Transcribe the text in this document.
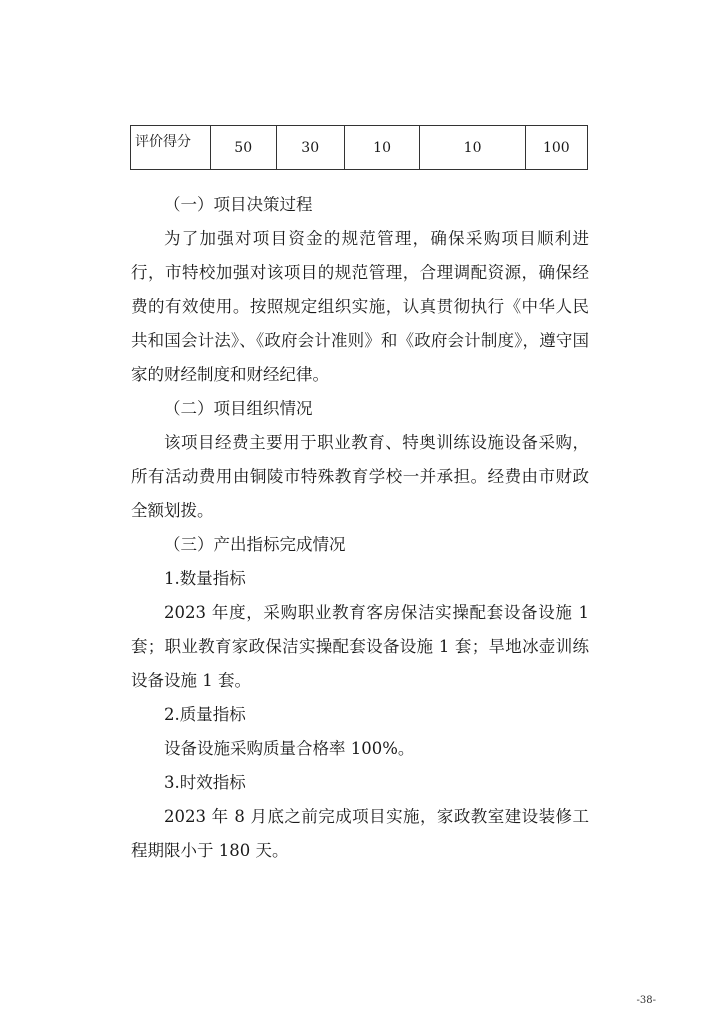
评价得分	50	30	10	10	100

（一）项目决策过程

为了加强对项目资金的规范管理，确保采购项目顺利进行，市特校加强对该项目的规范管理，合理调配资源，确保经费的有效使用。按照规定组织实施，认真贯彻执行《中华人民共和国会计法》、《政府会计准则》和《政府会计制度》，遵守国家的财经制度和财经纪律。

（二）项目组织情况

该项目经费主要用于职业教育、特奥训练设施设备采购，所有活动费用由铜陵市特殊教育学校一并承担。经费由市财政全额划拨。

（三）产出指标完成情况

1.数量指标

2023 年度，采购职业教育客房保洁实操配套设备设施 1 套；职业教育家政保洁实操配套设备设施 1 套；旱地冰壶训练设备设施 1 套。

2.质量指标

设备设施采购质量合格率 100%。

3.时效指标

2023 年 8 月底之前完成项目实施，家政教室建设装修工程期限小于 180 天。

-38-
